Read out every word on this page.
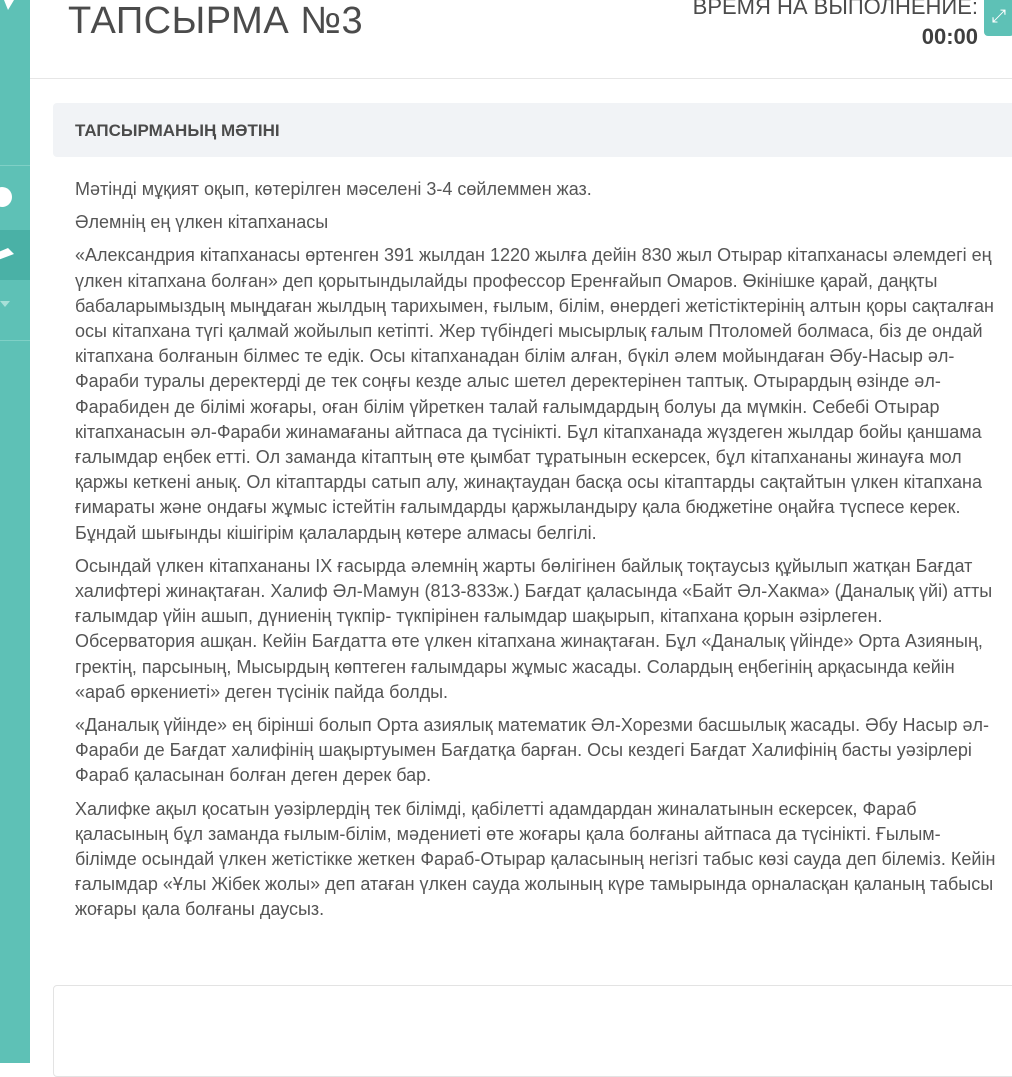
ТАПСЫРМА №3	ВРЕМЯ НА ВЫПОЛНЕНИЕ:
00:00
⤢
ТАПСЫРМАНЫҢ МӘТІНІ

Мәтінді мұқият оқып, көтерілген мәселені 3-4 сөйлеммен жаз.

Әлемнің ең үлкен кітапханасы

«Александрия кітапханасы өртенген 391 жылдан 1220 жылға дейін 830 жыл Отырар кітапханасы әлемдегі ең үлкен кітапхана болған» деп қорытындылайды профессор Еренғайып Омаров. Өкінішке қарай, даңқты бабаларымыздың мыңдаған жылдың тарихымен, ғылым, білім, өнердегі жетістіктерінің алтын қоры сақталған осы кітапхана түгі қалмай жойылып кетіпті. Жер түбіндегі мысырлық ғалым Птоломей болмаса, біз де ондай кітапхана болғанын білмес те едік. Осы кітапханадан білім алған, бүкіл әлем мойындаған Әбу-Насыр әл-Фараби туралы деректерді де тек соңғы кезде алыс шетел деректерінен таптық. Отырардың өзінде әл-Фарабиден де білімі жоғары, оған білім үйреткен талай ғалымдардың болуы да мүмкін. Себебі Отырар кітапханасын әл-Фараби жинамағаны айтпаса да түсінікті. Бұл кітапханада жүздеген жылдар бойы қаншама ғалымдар еңбек етті. Ол заманда кітаптың өте қымбат тұратынын ескерсек, бұл кітапхананы жинауға мол қаржы кеткені анық. Ол кітаптарды сатып алу, жинақтаудан басқа осы кітаптарды сақтайтын үлкен кітапхана ғимараты және ондағы жұмыс істейтін ғалымдарды қаржыландыру қала бюджетіне оңайға түспесе керек. Бұндай шығынды кішігірім қалалардың көтере алмасы белгілі.

Осындай үлкен кітапхананы IX ғасырда әлемнің жарты бөлігінен байлық тоқтаусыз құйылып жатқан Бағдат халифтері жинақтаған. Халиф Әл-Мамун (813-833ж.) Бағдат қаласында «Байт Әл-Хакма» (Даналық үйі) атты ғалымдар үйін ашып, дүниенің түкпір- түкпірінен ғалымдар шақырып, кітапхана қорын әзірлеген. Обсерватория ашқан. Кейін Бағдатта өте үлкен кітапхана жинақтаған. Бұл «Даналық үйінде» Орта Азияның, гректің, парсының, Мысырдың көптеген ғалымдары жұмыс жасады. Солардың еңбегінің арқасында кейін «араб өркениеті» деген түсінік пайда болды.

«Даналық үйінде» ең бірінші болып Орта азиялық математик Әл-Хорезми басшылық жасады. Әбу Насыр әл-Фараби де Бағдат халифінің шақыртуымен Бағдатқа барған. Осы кездегі Бағдат Халифінің басты уәзірлері Фараб қаласынан болған деген дерек бар.

Халифке ақыл қосатын уәзірлердің тек білімді, қабілетті адамдардан жиналатынын ескерсек, Фараб қаласының бұл заманда ғылым-білім, мәдениеті өте жоғары қала болғаны айтпаса да түсінікті. Ғылым-білімде осындай үлкен жетістікке жеткен Фараб-Отырар қаласының негізгі табыс көзі сауда деп білеміз. Кейін ғалымдар «Ұлы Жібек жолы» деп атаған үлкен сауда жолының күре тамырында орналасқан қаланың табысы жоғары қала болғаны даусыз.
